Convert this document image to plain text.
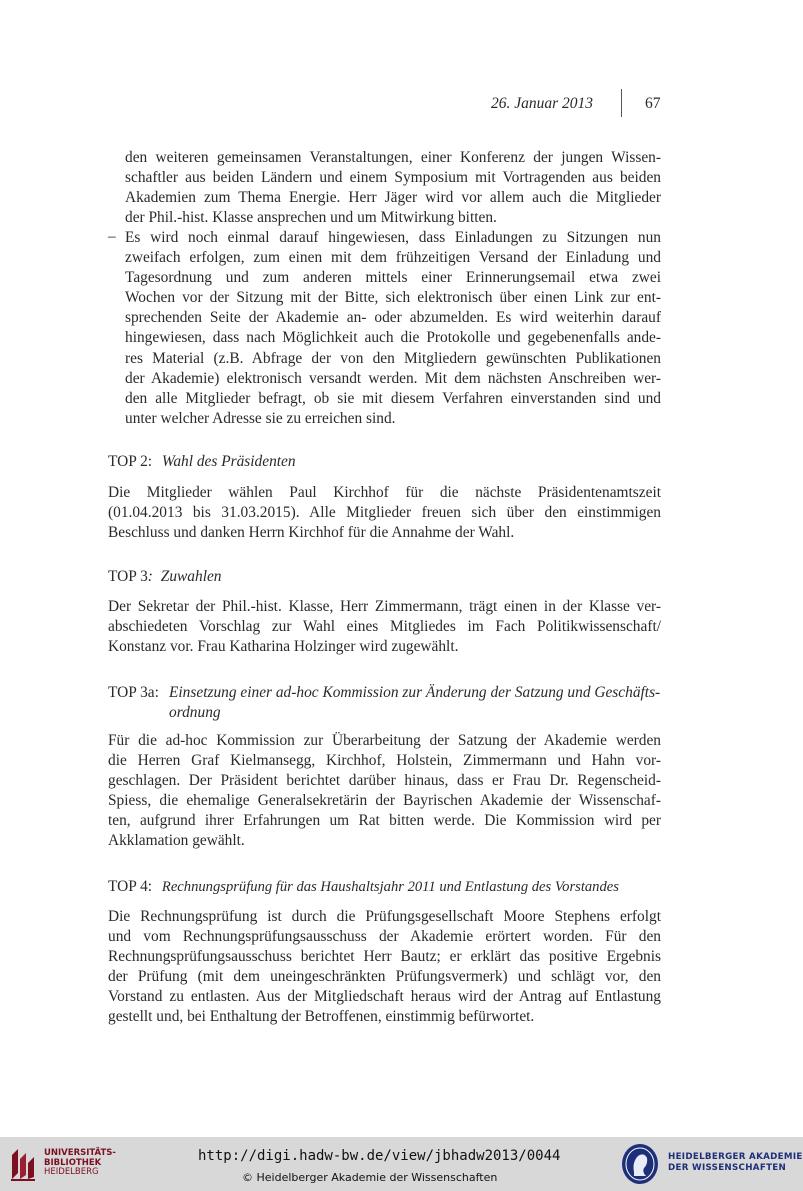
26. Januar 2013	67

den weiteren gemeinsamen Veranstaltungen, einer Konferenz der jungen Wissen-
schaftler aus beiden Ländern und einem Symposium mit Vortragenden aus beiden
Akademien zum Thema Energie. Herr Jäger wird vor allem auch die Mitglieder
der Phil.-hist. Klasse ansprechen und um Mitwirkung bitten.

– Es wird noch einmal darauf hingewiesen, dass Einladungen zu Sitzungen nun
zweifach erfolgen, zum einen mit dem frühzeitigen Versand der Einladung und
Tagesordnung und zum anderen mittels einer Erinnerungsemail etwa zwei
Wochen vor der Sitzung mit der Bitte, sich elektronisch über einen Link zur ent-
sprechenden Seite der Akademie an- oder abzumelden. Es wird weiterhin darauf
hingewiesen, dass nach Möglichkeit auch die Protokolle und gegebenenfalls ande-
res Material (z.B. Abfrage der von den Mitgliedern gewünschten Publikationen
der Akademie) elektronisch versandt werden. Mit dem nächsten Anschreiben wer-
den alle Mitglieder befragt, ob sie mit diesem Verfahren einverstanden sind und
unter welcher Adresse sie zu erreichen sind.

TOP 2: Wahl des Präsidenten

Die Mitglieder wählen Paul Kirchhof für die nächste Präsidentenamtszeit
(01.04.2013 bis 31.03.2015). Alle Mitglieder freuen sich über den einstimmigen
Beschluss und danken Herrn Kirchhof für die Annahme der Wahl.

TOP 3: Zuwahlen

Der Sekretar der Phil.-hist. Klasse, Herr Zimmermann, trägt einen in der Klasse ver-
abschiedeten Vorschlag zur Wahl eines Mitgliedes im Fach Politikwissenschaft/
Konstanz vor. Frau Katharina Holzinger wird zugewählt.

TOP 3a: Einsetzung einer ad-hoc Kommission zur Änderung der Satzung und Geschäfts-
ordnung

Für die ad-hoc Kommission zur Überarbeitung der Satzung der Akademie werden
die Herren Graf Kielmansegg, Kirchhof, Holstein, Zimmermann und Hahn vor-
geschlagen. Der Präsident berichtet darüber hinaus, dass er Frau Dr. Regenscheid-
Spiess, die ehemalige Generalsekretärin der Bayrischen Akademie der Wissenschaf-
ten, aufgrund ihrer Erfahrungen um Rat bitten werde. Die Kommission wird per
Akklamation gewählt.

TOP 4: Rechnungsprüfung für das Haushaltsjahr 2011 und Entlastung des Vorstandes

Die Rechnungsprüfung ist durch die Prüfungsgesellschaft Moore Stephens erfolgt
und vom Rechnungsprüfungsausschuss der Akademie erörtert worden. Für den
Rechnungsprüfungsausschuss berichtet Herr Bautz; er erklärt das positive Ergebnis
der Prüfung (mit dem uneingeschränkten Prüfungsvermerk) und schlägt vor, den
Vorstand zu entlasten. Aus der Mitgliedschaft heraus wird der Antrag auf Entlastung
gestellt und, bei Enthaltung der Betroffenen, einstimmig befürwortet.

UNIVERSITÄTS-
BIBLIOTHEK
HEIDELBERG
http://digi.hadw-bw.de/view/jbhadw2013/0044
© Heidelberger Akademie der Wissenschaften
HEIDELBERGER AKADEMIE
DER WISSENSCHAFTEN
